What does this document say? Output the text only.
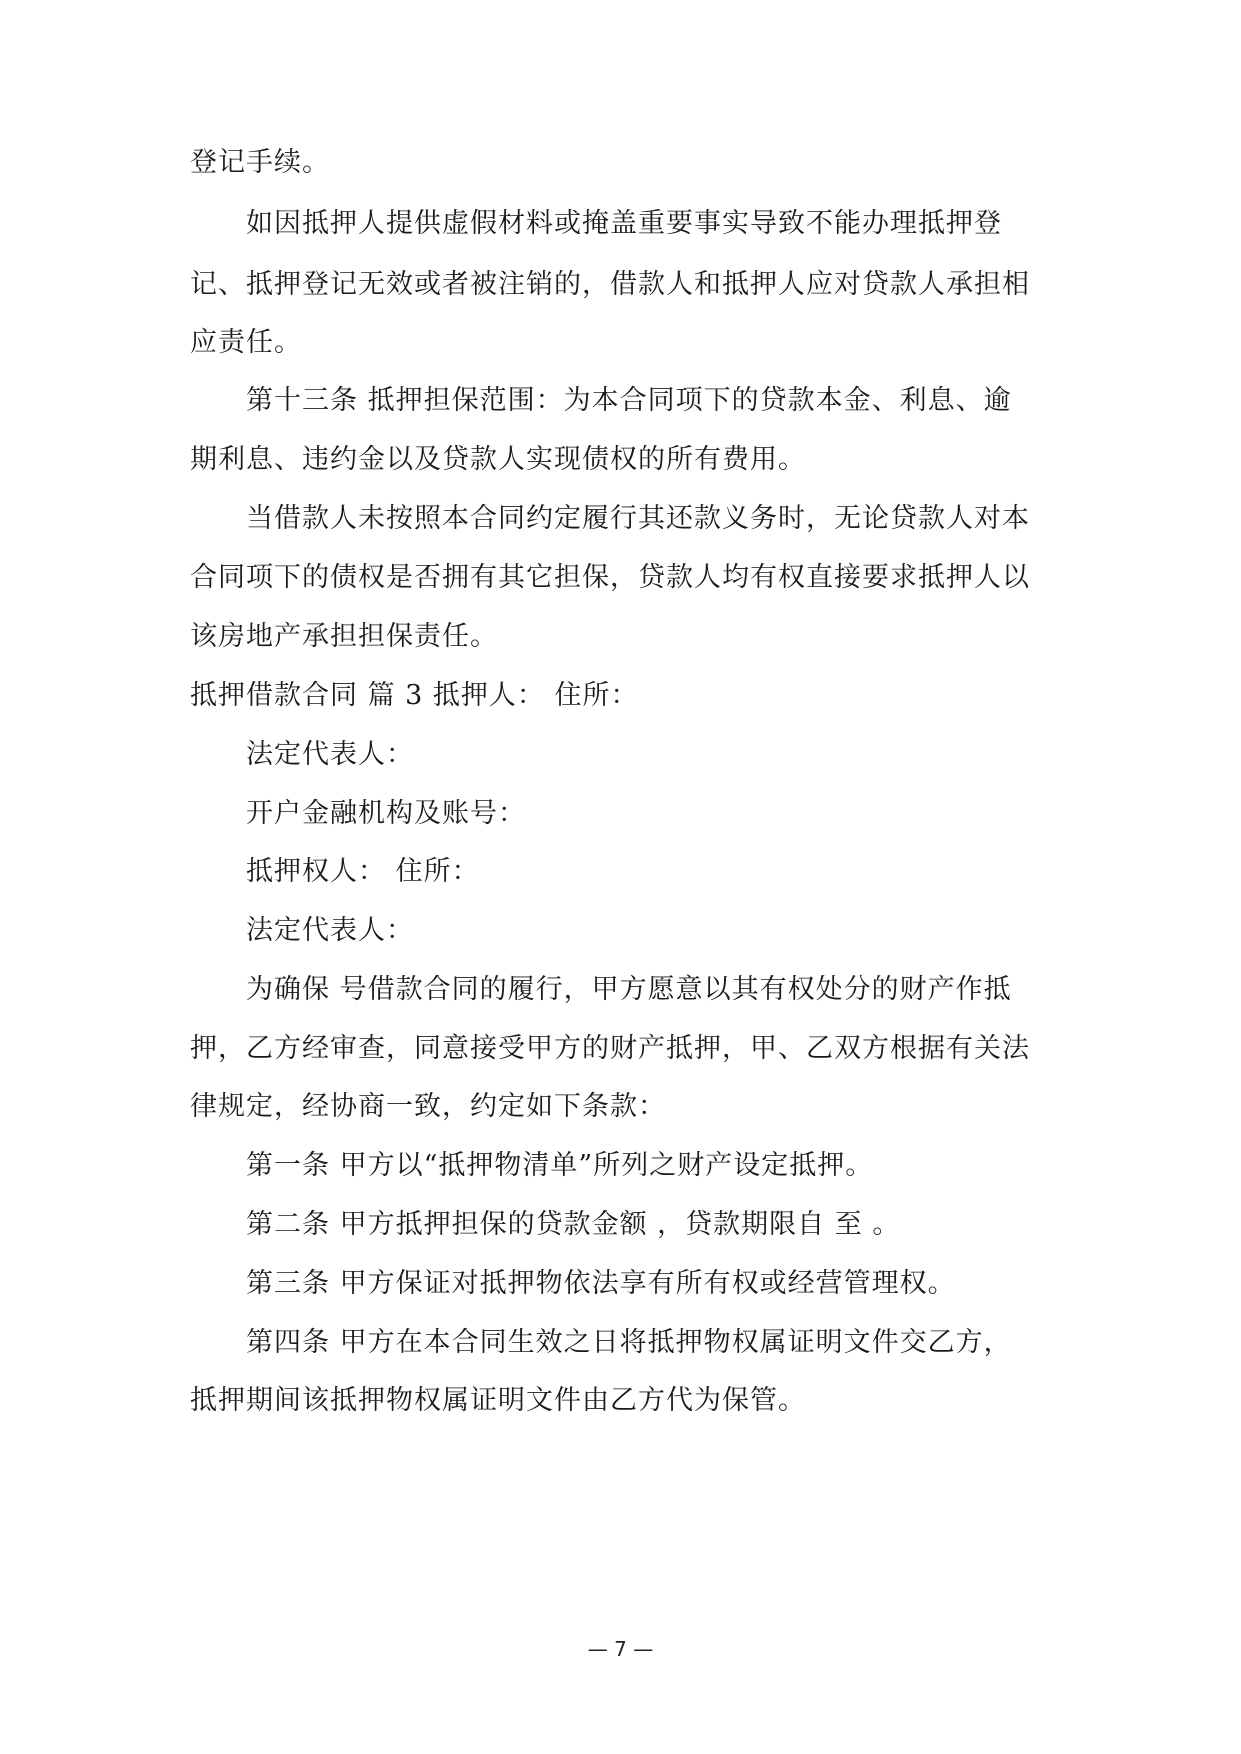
登记手续。
如因抵押人提供虚假材料或掩盖重要事实导致不能办理抵押登
记、抵押登记无效或者被注销的，借款人和抵押人应对贷款人承担相
应责任。
第十三条 抵押担保范围：为本合同项下的贷款本金、利息、逾
期利息、违约金以及贷款人实现债权的所有费用。
当借款人未按照本合同约定履行其还款义务时，无论贷款人对本
合同项下的债权是否拥有其它担保，贷款人均有权直接要求抵押人以
该房地产承担担保责任。
抵押借款合同 篇 3 抵押人： 住所：
法定代表人：
开户金融机构及账号：
抵押权人： 住所：
法定代表人：
为确保 号借款合同的履行，甲方愿意以其有权处分的财产作抵
押，乙方经审查，同意接受甲方的财产抵押，甲、乙双方根据有关法
律规定，经协商一致，约定如下条款：
第一条 甲方以“抵押物清单”所列之财产设定抵押。
第二条 甲方抵押担保的贷款金额 ，贷款期限自 至 。
第三条 甲方保证对抵押物依法享有所有权或经营管理权。
第四条 甲方在本合同生效之日将抵押物权属证明文件交乙方，
抵押期间该抵押物权属证明文件由乙方代为保管。
— 7 —
